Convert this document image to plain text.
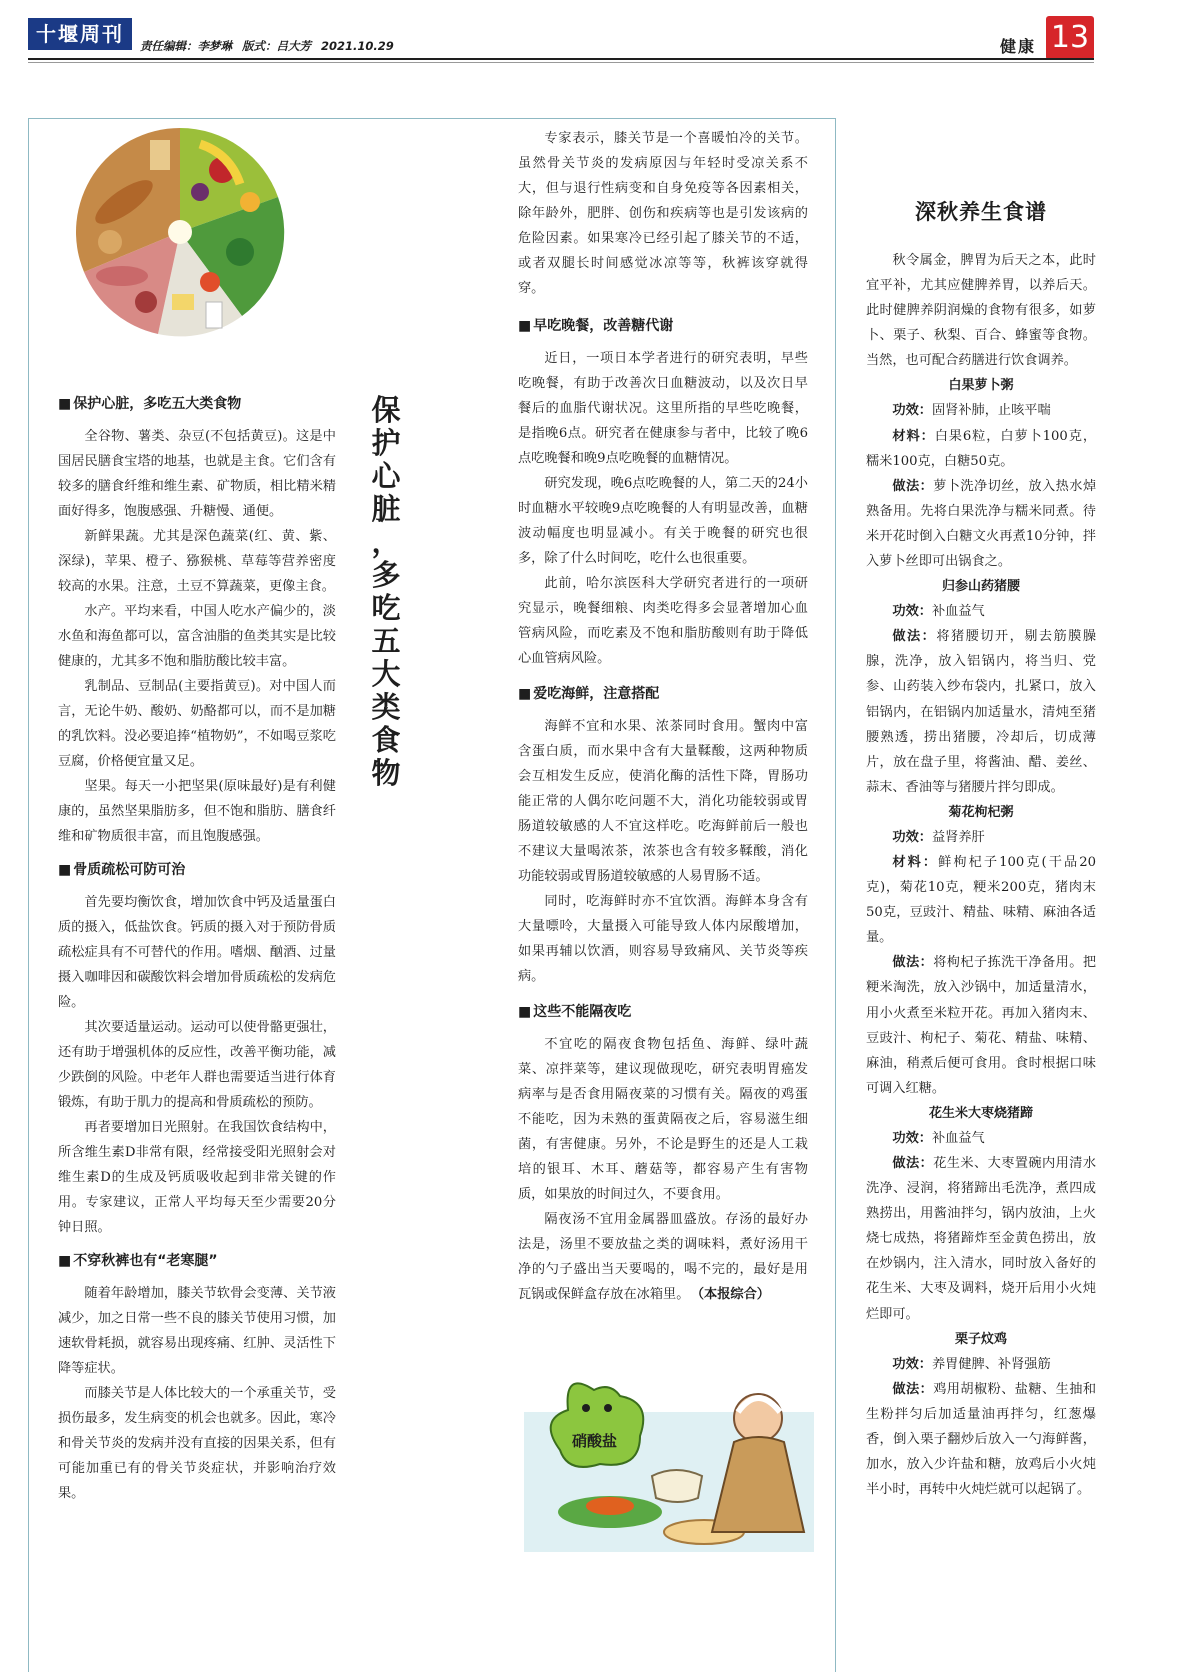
十堰周刊	责任编辑：李梦琳 版式：吕大芳 2021.10.29	健康 13
■ 保护心脏，多吃五大类食物

全谷物、薯类、杂豆(不包括黄豆)。这是中国居民膳食宝塔的地基，也就是主食。它们含有较多的膳食纤维和维生素、矿物质，相比精米精面好得多，饱腹感强、升糖慢、通便。

新鲜果蔬。尤其是深色蔬菜(红、黄、紫、深绿)，苹果、橙子、猕猴桃、草莓等营养密度较高的水果。注意，土豆不算蔬菜，更像主食。

水产。平均来看，中国人吃水产偏少的，淡水鱼和海鱼都可以，富含油脂的鱼类其实是比较健康的，尤其多不饱和脂肪酸比较丰富。

乳制品、豆制品(主要指黄豆)。对中国人而言，无论牛奶、酸奶、奶酪都可以，而不是加糖的乳饮料。没必要追捧“植物奶”，不如喝豆浆吃豆腐，价格便宜量又足。

坚果。每天一小把坚果(原味最好)是有利健康的，虽然坚果脂肪多，但不饱和脂肪、膳食纤维和矿物质很丰富，而且饱腹感强。

■ 骨质疏松可防可治

首先要均衡饮食，增加饮食中钙及适量蛋白质的摄入，低盐饮食。钙质的摄入对于预防骨质疏松症具有不可替代的作用。嗜烟、酗酒、过量摄入咖啡因和碳酸饮料会增加骨质疏松的发病危险。

其次要适量运动。运动可以使骨骼更强壮，还有助于增强机体的反应性，改善平衡功能，减少跌倒的风险。中老年人群也需要适当进行体育锻炼，有助于肌力的提高和骨质疏松的预防。

再者要增加日光照射。在我国饮食结构中，所含维生素D非常有限，经常接受阳光照射会对维生素D的生成及钙质吸收起到非常关键的作用。专家建议，正常人平均每天至少需要20分钟日照。

■ 不穿秋裤也有“老寒腿”

随着年龄增加，膝关节软骨会变薄、关节液减少，加之日常一些不良的膝关节使用习惯，加速软骨耗损，就容易出现疼痛、红肿、灵活性下降等症状。

而膝关节是人体比较大的一个承重关节，受损伤最多，发生病变的机会也就多。因此，寒冷和骨关节炎的发病并没有直接的因果关系，但有可能加重已有的骨关节炎症状，并影响治疗效果。

保
护
心
脏
，
多
吃
五
大
类
食
物

专家表示，膝关节是一个喜暖怕冷的关节。虽然骨关节炎的发病原因与年轻时受凉关系不大，但与退行性病变和自身免疫等各因素相关，除年龄外，肥胖、创伤和疾病等也是引发该病的危险因素。如果寒冷已经引起了膝关节的不适，或者双腿长时间感觉冰凉等等，秋裤该穿就得穿。

■ 早吃晚餐，改善糖代谢

近日，一项日本学者进行的研究表明，早些吃晚餐，有助于改善次日血糖波动，以及次日早餐后的血脂代谢状况。这里所指的早些吃晚餐，是指晚6点。研究者在健康参与者中，比较了晚6点吃晚餐和晚9点吃晚餐的血糖情况。

研究发现，晚6点吃晚餐的人，第二天的24小时血糖水平较晚9点吃晚餐的人有明显改善，血糖波动幅度也明显减小。有关于晚餐的研究也很多，除了什么时间吃，吃什么也很重要。

此前，哈尔滨医科大学研究者进行的一项研究显示，晚餐细粮、肉类吃得多会显著增加心血管病风险，而吃素及不饱和脂肪酸则有助于降低心血管病风险。

■ 爱吃海鲜，注意搭配

海鲜不宜和水果、浓茶同时食用。蟹肉中富含蛋白质，而水果中含有大量鞣酸，这两种物质会互相发生反应，使消化酶的活性下降，胃肠功能正常的人偶尔吃问题不大，消化功能较弱或胃肠道较敏感的人不宜这样吃。吃海鲜前后一般也不建议大量喝浓茶，浓茶也含有较多鞣酸，消化功能较弱或胃肠道较敏感的人易胃肠不适。

同时，吃海鲜时亦不宜饮酒。海鲜本身含有大量嘌呤，大量摄入可能导致人体内尿酸增加，如果再辅以饮酒，则容易导致痛风、关节炎等疾病。

■ 这些不能隔夜吃

不宜吃的隔夜食物包括鱼、海鲜、绿叶蔬菜、凉拌菜等，建议现做现吃，研究表明胃癌发病率与是否食用隔夜菜的习惯有关。隔夜的鸡蛋不能吃，因为未熟的蛋黄隔夜之后，容易滋生细菌，有害健康。另外，不论是野生的还是人工栽培的银耳、木耳、蘑菇等，都容易产生有害物质，如果放的时间过久，不要食用。

隔夜汤不宜用金属器皿盛放。存汤的最好办法是，汤里不要放盐之类的调味料，煮好汤用干净的勺子盛出当天要喝的，喝不完的，最好是用瓦锅或保鲜盒存放在冰箱里。 （本报综合）

硝酸盐
深秋养生食谱

秋令属金，脾胃为后天之本，此时宜平补，尤其应健脾养胃，以养后天。此时健脾养阴润燥的食物有很多，如萝卜、栗子、秋梨、百合、蜂蜜等食物。当然，也可配合药膳进行饮食调养。

白果萝卜粥

功效：固肾补肺，止咳平喘

材料：白果6粒，白萝卜100克，糯米100克，白糖50克。

做法：萝卜洗净切丝，放入热水焯熟备用。先将白果洗净与糯米同煮。待米开花时倒入白糖文火再煮10分钟，拌入萝卜丝即可出锅食之。

归参山药猪腰

功效：补血益气

做法：将猪腰切开，剔去筋膜臊腺，洗净，放入铝锅内，将当归、党参、山药装入纱布袋内，扎紧口，放入铝锅内，在铝锅内加适量水，清炖至猪腰熟透，捞出猪腰，冷却后，切成薄片，放在盘子里，将酱油、醋、姜丝、蒜末、香油等与猪腰片拌匀即成。

菊花枸杞粥

功效：益肾养肝

材料：鲜枸杞子100克(干品20克)，菊花10克，粳米200克，猪肉末50克，豆豉汁、精盐、味精、麻油各适量。

做法：将枸杞子拣洗干净备用。把粳米淘洗，放入沙锅中，加适量清水，用小火煮至米粒开花。再加入猪肉末、豆豉汁、枸杞子、菊花、精盐、味精、麻油，稍煮后便可食用。食时根据口味可调入红糖。

花生米大枣烧猪蹄

功效：补血益气

做法：花生米、大枣置碗内用清水洗净、浸润，将猪蹄出毛洗净，煮四成熟捞出，用酱油拌匀，锅内放油，上火烧七成热，将猪蹄炸至金黄色捞出，放在炒锅内，注入清水，同时放入备好的花生米、大枣及调料，烧开后用小火炖烂即可。

栗子炆鸡

功效：养胃健脾、补肾强筋

做法：鸡用胡椒粉、盐糖、生抽和生粉拌匀后加适量油再拌匀，红葱爆香，倒入栗子翻炒后放入一勺海鲜酱，加水，放入少许盐和糖，放鸡后小火炖半小时，再转中火炖烂就可以起锅了。
